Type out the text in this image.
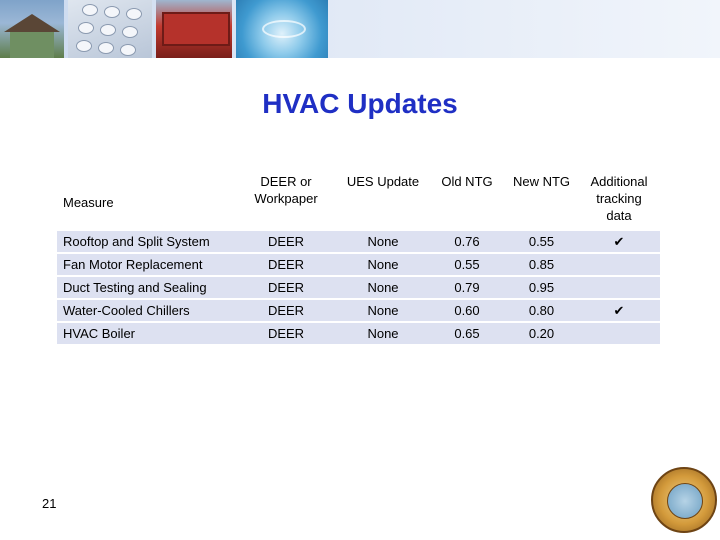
HVAC Updates
Measure	DEER or Workpaper	UES Update	Old NTG	New NTG	Additional tracking data
Rooftop and Split System	DEER	None	0.76	0.55	✔
Fan Motor Replacement	DEER	None	0.55	0.85	
Duct Testing and Sealing	DEER	None	0.79	0.95	
Water-Cooled Chillers	DEER	None	0.60	0.80	✔
HVAC Boiler	DEER	None	0.65	0.20	
21
